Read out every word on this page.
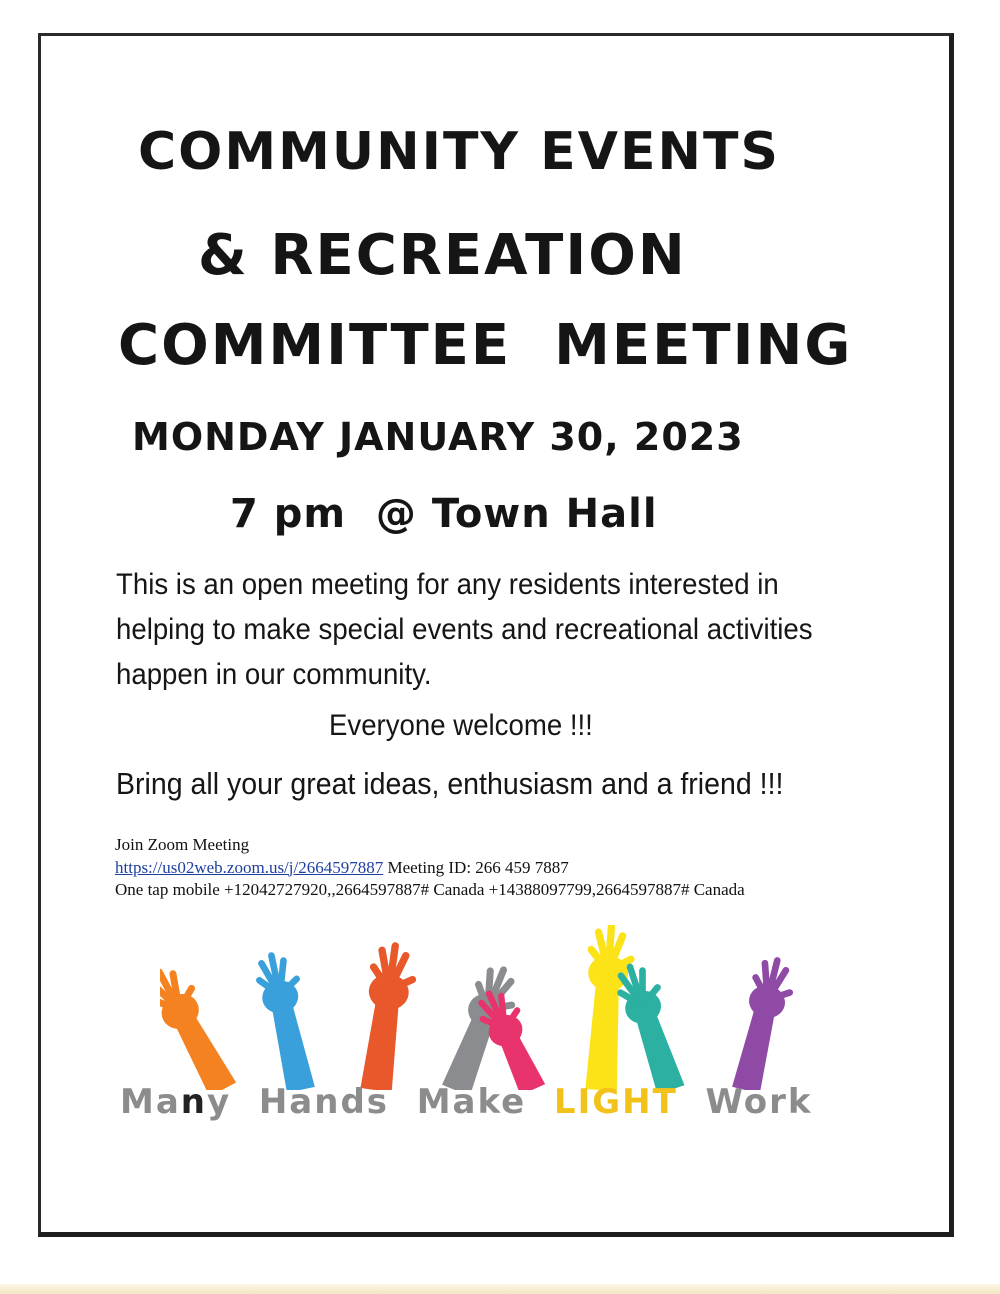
COMMUNITY EVENTS
& RECREATION
COMMITTEE  MEETING
MONDAY JANUARY 30, 2023
7 pm  @ Town Hall
This is an open meeting for any residents interested in helping to make special events and recreational activities happen in our community.
Everyone welcome !!!
Bring all your great ideas, enthusiasm and a friend !!!
Join Zoom Meeting
https://us02web.zoom.us/j/2664597887 Meeting ID: 266 459 7887
One tap mobile +12042727920,,2664597887# Canada +14388097799,2664597887# Canada
Many  Hands  Make  LIGHT  Work
